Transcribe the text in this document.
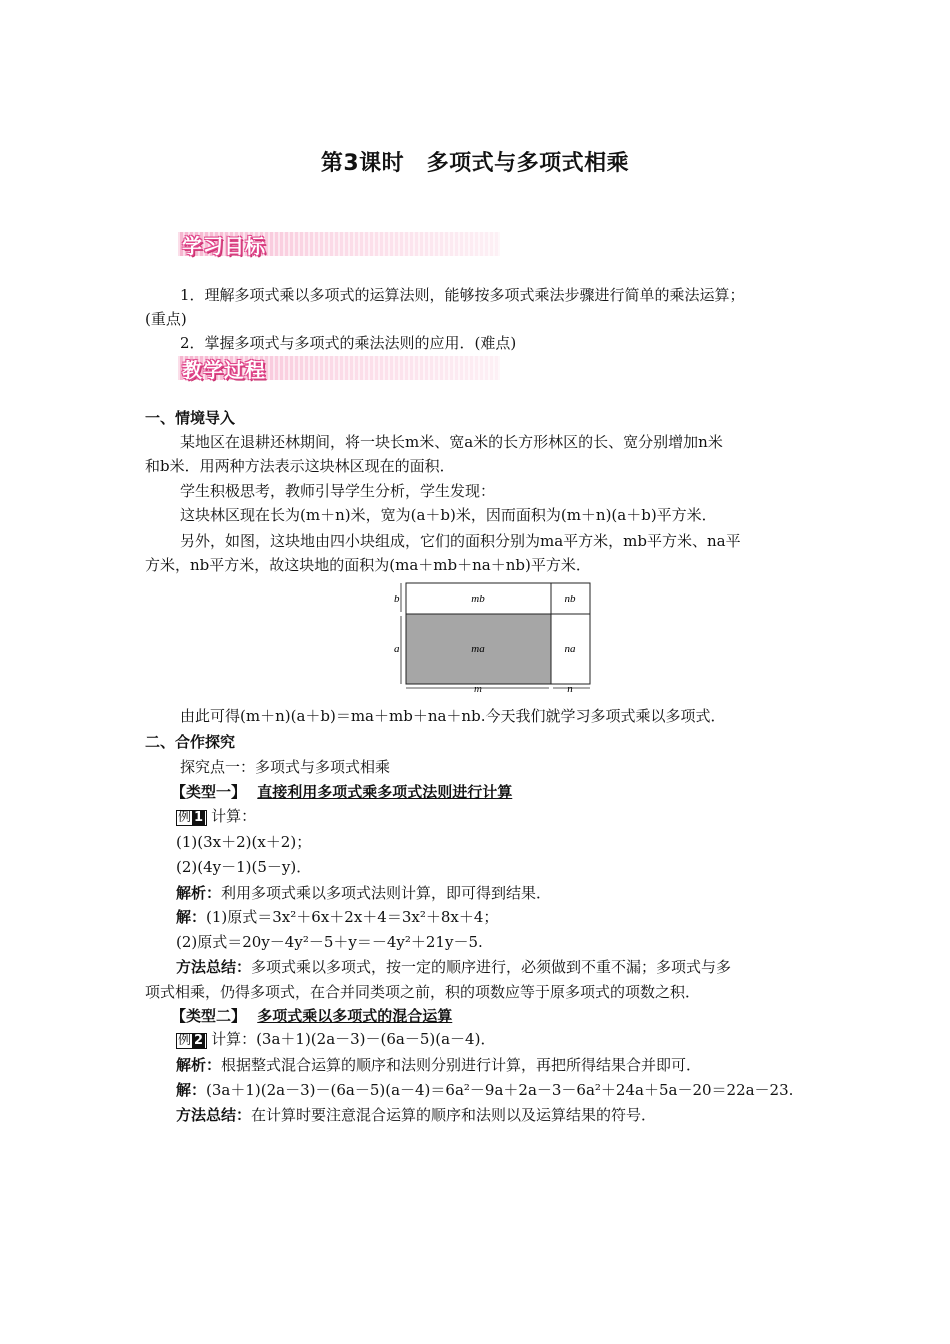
第3课时　多项式与多项式相乘
学习目标
1．理解多项式乘以多项式的运算法则，能够按多项式乘法步骤进行简单的乘法运算；
(重点)
2．掌握多项式与多项式的乘法法则的应用．(难点)
教学过程
一、情境导入
某地区在退耕还林期间，将一块长m米、宽a米的长方形林区的长、宽分别增加n米
和b米．用两种方法表示这块林区现在的面积．
学生积极思考，教师引导学生分析，学生发现：
这块林区现在长为(m＋n)米，宽为(a＋b)米，因而面积为(m＋n)(a＋b)平方米．
另外，如图，这块地由四小块组成，它们的面积分别为ma平方米，mb平方米、na平
方米，nb平方米，故这块地的面积为(ma＋mb＋na＋nb)平方米．
mb	nb
ma	na
b
a
m	n
由此可得(m＋n)(a＋b)＝ma＋mb＋na＋nb.今天我们就学习多项式乘以多项式．
二、合作探究
探究点一：多项式与多项式相乘
【类型一】 直接利用多项式乘多项式法则进行计算
例 1 计算：
(1)(3x＋2)(x＋2)；
(2)(4y－1)(5－y)．
解析：利用多项式乘以多项式法则计算，即可得到结果．
解：(1)原式＝3x²＋6x＋2x＋4＝3x²＋8x＋4；
(2)原式＝20y－4y²－5＋y＝－4y²＋21y－5.
方法总结：多项式乘以多项式，按一定的顺序进行，必须做到不重不漏；多项式与多
项式相乘，仍得多项式，在合并同类项之前，积的项数应等于原多项式的项数之积．
【类型二】 多项式乘以多项式的混合运算
例 2 计算：(3a＋1)(2a－3)－(6a－5)(a－4)．
解析：根据整式混合运算的顺序和法则分别进行计算，再把所得结果合并即可．
解：(3a＋1)(2a－3)－(6a－5)(a－4)＝6a²－9a＋2a－3－6a²＋24a＋5a－20＝22a－23.
方法总结：在计算时要注意混合运算的顺序和法则以及运算结果的符号．
